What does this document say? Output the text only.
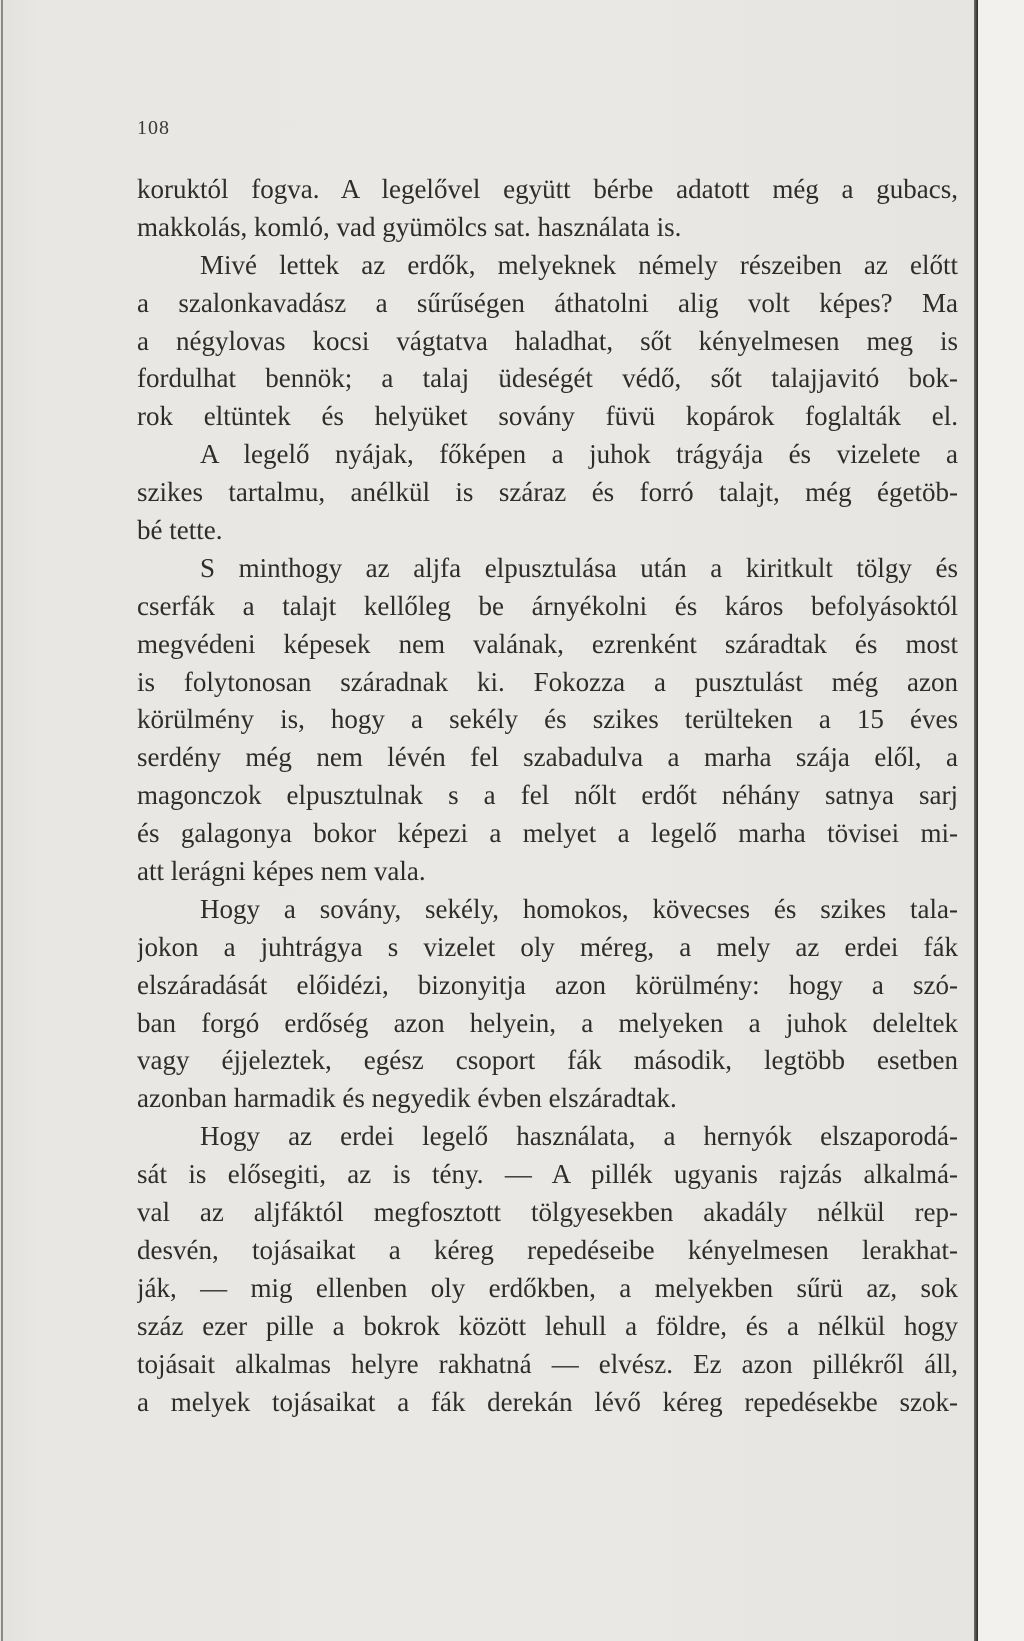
108
koruktól fogva. A legelővel együtt bérbe adatott még a gubacs,
makkolás, komló, vad gyümölcs sat. használata is.
Mivé lettek az erdők, melyeknek némely részeiben az előtt
a szalonkavadász a sűrűségen áthatolni alig volt képes? Ma
a négylovas kocsi vágtatva haladhat, sőt kényelmesen meg is
fordulhat bennök; a talaj üdeségét védő, sőt talajjavitó bok-
rok eltüntek és helyüket sovány füvü kopárok foglalták el.
A legelő nyájak, főképen a juhok trágyája és vizelete a
szikes tartalmu, anélkül is száraz és forró talajt, még égetöb-
bé tette.
S minthogy az aljfa elpusztulása után a kiritkult tölgy és
cserfák a talajt kellőleg be árnyékolni és káros befolyásoktól
megvédeni képesek nem valának, ezrenként száradtak és most
is folytonosan száradnak ki. Fokozza a pusztulást még azon
körülmény is, hogy a sekély és szikes terülteken a 15 éves
serdény még nem lévén fel szabadulva a marha szája elől, a
magonczok elpusztulnak s a fel nőlt erdőt néhány satnya sarj
és galagonya bokor képezi a melyet a legelő marha tövisei mi-
att lerágni képes nem vala.
Hogy a sovány, sekély, homokos, kövecses és szikes tala-
jokon a juhtrágya s vizelet oly méreg, a mely az erdei fák
elszáradását előidézi, bizonyitja azon körülmény: hogy a szó-
ban forgó erdőség azon helyein, a melyeken a juhok deleltek
vagy éjjeleztek, egész csoport fák második, legtöbb esetben
azonban harmadik és negyedik évben elszáradtak.
Hogy az erdei legelő használata, a hernyók elszaporodá-
sát is elősegiti, az is tény. — A pillék ugyanis rajzás alkalmá-
val az aljfáktól megfosztott tölgyesekben akadály nélkül rep-
desvén, tojásaikat a kéreg repedéseibe kényelmesen lerakhat-
ják, — mig ellenben oly erdőkben, a melyekben sűrü az, sok
száz ezer pille a bokrok között lehull a földre, és a nélkül hogy
tojásait alkalmas helyre rakhatná — elvész. Ez azon pillékről áll,
a melyek tojásaikat a fák derekán lévő kéreg repedésekbe szok-
